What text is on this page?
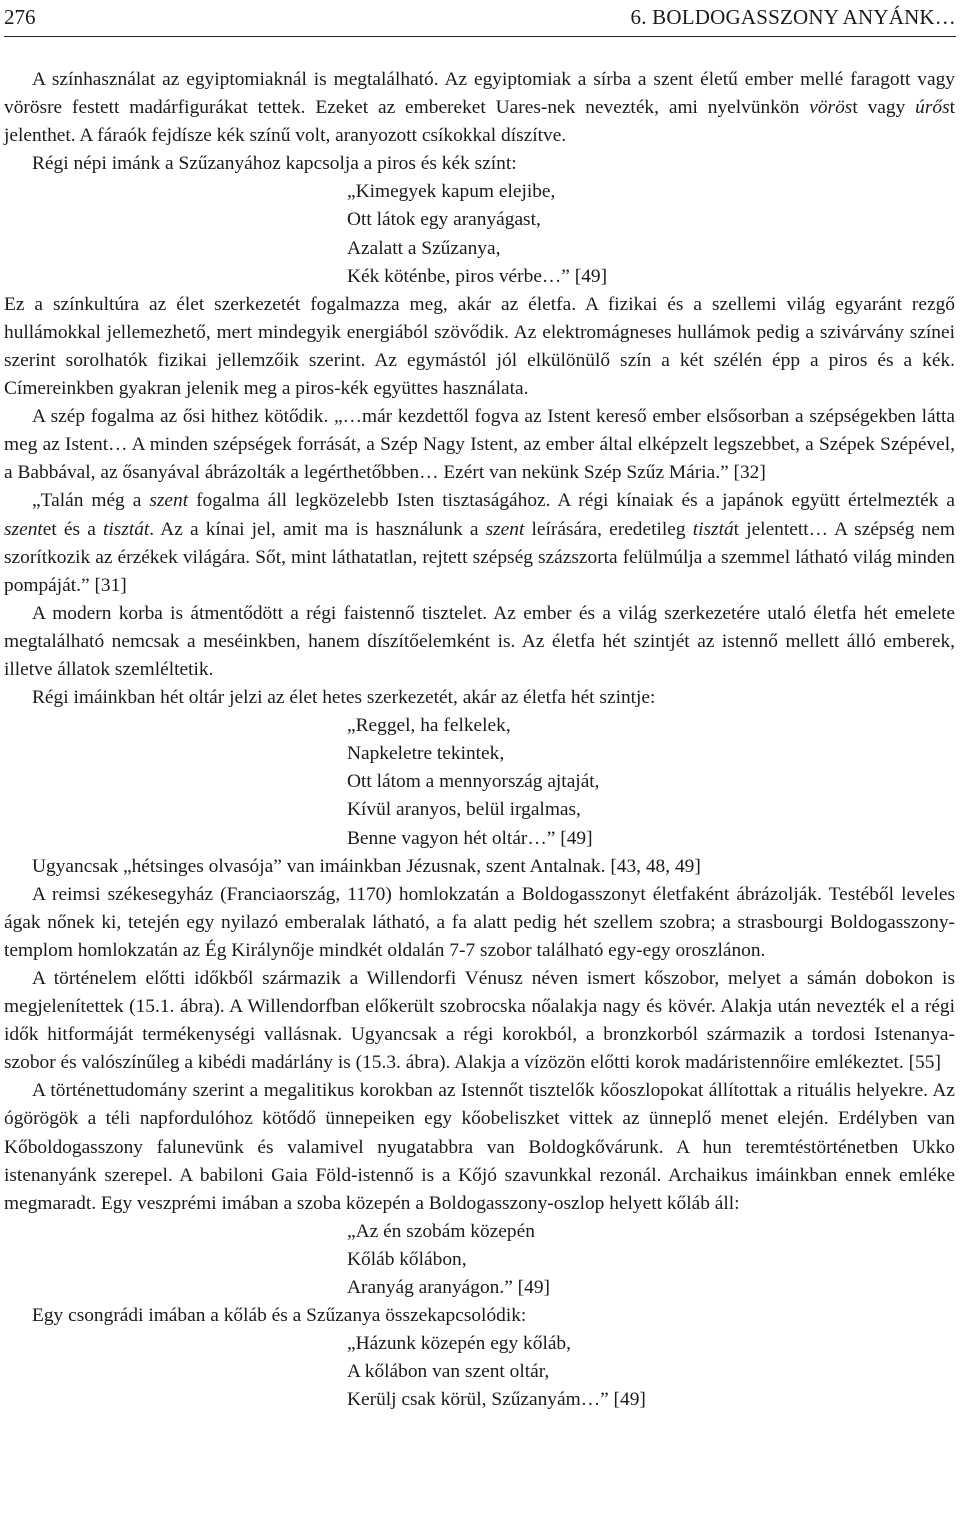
276	6. BOLDOGASSZONY ANYÁNK…

A színhasználat az egyiptomiaknál is megtalálható. Az egyiptomiak a sírba a szent életű ember mellé faragott vagy vörösre festett madárfigurákat tettek. Ezeket az embereket Uares-nek nevezték, ami nyelvünkön vöröst vagy úrőst jelenthet. A fáraók fejdísze kék színű volt, aranyozott csíkokkal díszítve.

Régi népi imánk a Szűzanyához kapcsolja a piros és kék színt:

„Kimegyek kapum elejibe,
Ott látok egy aranyágast,
Azalatt a Szűzanya,
Kék köténbe, piros vérbe…” [49]

Ez a színkultúra az élet szerkezetét fogalmazza meg, akár az életfa. A fizikai és a szellemi világ egyaránt rezgő hullámokkal jellemezhető, mert mindegyik energiából szövődik. Az elektromágneses hullámok pedig a szivárvány színei szerint sorolhatók fizikai jellemzőik szerint. Az egymástól jól elkülönülő szín a két szélén épp a piros és a kék. Címereinkben gyakran jelenik meg a piros-kék együttes használata.

A szép fogalma az ősi hithez kötődik. „…már kezdettől fogva az Istent kereső ember elsősorban a szépségekben látta meg az Istent… A minden szépségek forrását, a Szép Nagy Istent, az ember által elképzelt legszebbet, a Szépek Szépével, a Babbával, az ősanyával ábrázolták a legérthetőbben… Ezért van nekünk Szép Szűz Mária.” [32]

„Talán még a szent fogalma áll legközelebb Isten tisztaságához. A régi kínaiak és a japánok együtt értelmezték a szentet és a tisztát. Az a kínai jel, amit ma is használunk a szent leírására, eredetileg tisztát jelentett… A szépség nem szorítkozik az érzékek világára. Sőt, mint láthatatlan, rejtett szépség százszorta felülmúlja a szemmel látható világ minden pompáját.” [31]

A modern korba is átmentődött a régi faistennő tisztelet. Az ember és a világ szerkezetére utaló életfa hét emelete megtalálható nemcsak a meséinkben, hanem díszítőelemként is. Az életfa hét szintjét az istennő mellett álló emberek, illetve állatok szemléltetik.

Régi imáinkban hét oltár jelzi az élet hetes szerkezetét, akár az életfa hét szintje:

„Reggel, ha felkelek,
Napkeletre tekintek,
Ott látom a mennyország ajtaját,
Kívül aranyos, belül irgalmas,
Benne vagyon hét oltár…” [49]

Ugyancsak „hétsinges olvasója” van imáinkban Jézusnak, szent Antalnak. [43, 48, 49]

A reimsi székesegyház (Franciaország, 1170) homlokzatán a Boldogasszonyt életfaként ábrázolják. Testéből leveles ágak nőnek ki, tetején egy nyilazó emberalak látható, a fa alatt pedig hét szellem szobra; a strasbourgi Boldogasszony-templom homlokzatán az Ég Királynője mindkét oldalán 7-7 szobor található egy-egy oroszlánon.

A történelem előtti időkből származik a Willendorfi Vénusz néven ismert kőszobor, melyet a sámán dobokon is megjelenítettek (15.1. ábra). A Willendorfban előkerült szobrocska nőalakja nagy és kövér. Alakja után nevezték el a régi idők hitformáját termékenységi vallásnak. Ugyancsak a régi korokból, a bronzkorból származik a tordosi Istenanya-szobor és valószínűleg a kibédi madárlány is (15.3. ábra). Alakja a vízözön előtti korok madáristennőire emlékeztet. [55]

A történettudomány szerint a megalitikus korokban az Istennőt tisztelők kőoszlopokat állítottak a rituális helyekre. Az ógörögök a téli napfordulóhoz kötődő ünnepeiken egy kőobeliszket vittek az ünneplő menet elején. Erdélyben van Kőboldogasszony falunevünk és valamivel nyugatabbra van Boldogkővárunk. A hun teremtéstörténetben Ukko istenanyánk szerepel. A babiloni Gaia Föld-istennő is a Kőjó szavunkkal rezonál. Archaikus imáinkban ennek emléke megmaradt. Egy veszprémi imában a szoba közepén a Boldogasszony-oszlop helyett kőláb áll:

„Az én szobám közepén
Kőláb kőlábon,
Aranyág aranyágon.” [49]

Egy csongrádi imában a kőláb és a Szűzanya összekapcsolódik:

„Házunk közepén egy kőláb,
A kőlábon van szent oltár,
Kerülj csak körül, Szűzanyám…” [49]
